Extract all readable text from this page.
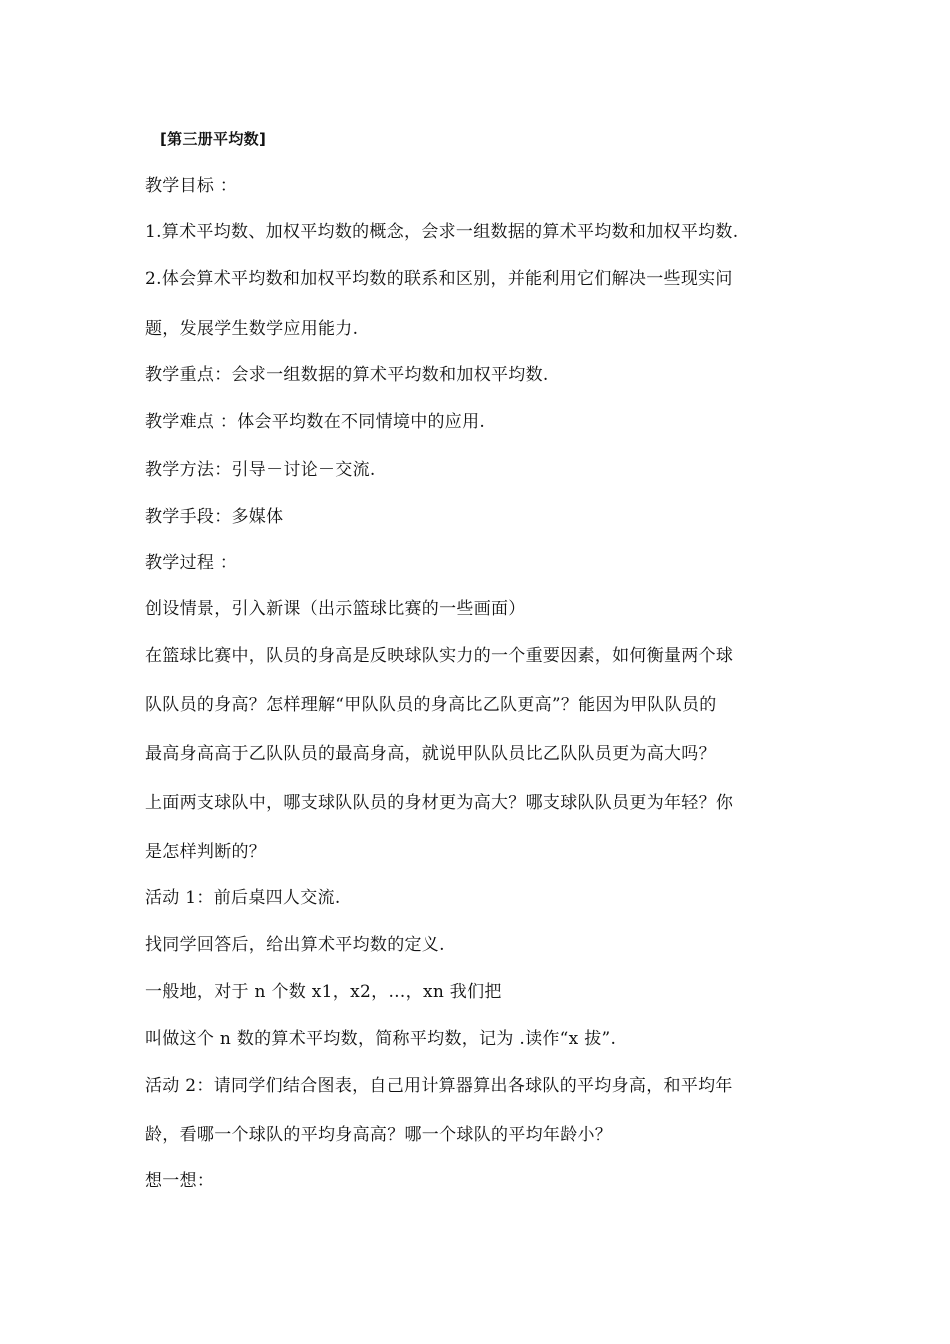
[第三册平均数]
教学目标 ：
1.算术平均数、加权平均数的概念，会求一组数据的算术平均数和加权平均数.
2.体会算术平均数和加权平均数的联系和区别，并能利用它们解决一些现实问
题，发展学生数学应用能力.
教学重点：会求一组数据的算术平均数和加权平均数.
教学难点 ：体会平均数在不同情境中的应用.
教学方法：引导－讨论－交流.
教学手段：多媒体
教学过程 ：
创设情景，引入新课（出示篮球比赛的一些画面）
在篮球比赛中，队员的身高是反映球队实力的一个重要因素，如何衡量两个球
队队员的身高？怎样理解“甲队队员的身高比乙队更高”？能因为甲队队员的
最高身高高于乙队队员的最高身高，就说甲队队员比乙队队员更为高大吗？
上面两支球队中，哪支球队队员的身材更为高大？哪支球队队员更为年轻？你
是怎样判断的？
活动 1：前后桌四人交流.
找同学回答后，给出算术平均数的定义.
一般地，对于 n 个数 x1，x2，…，xn 我们把
叫做这个 n 数的算术平均数，简称平均数，记为 .读作“x 拔”.
活动 2：请同学们结合图表，自己用计算器算出各球队的平均身高，和平均年
龄，看哪一个球队的平均身高高？哪一个球队的平均年龄小？
想一想：
